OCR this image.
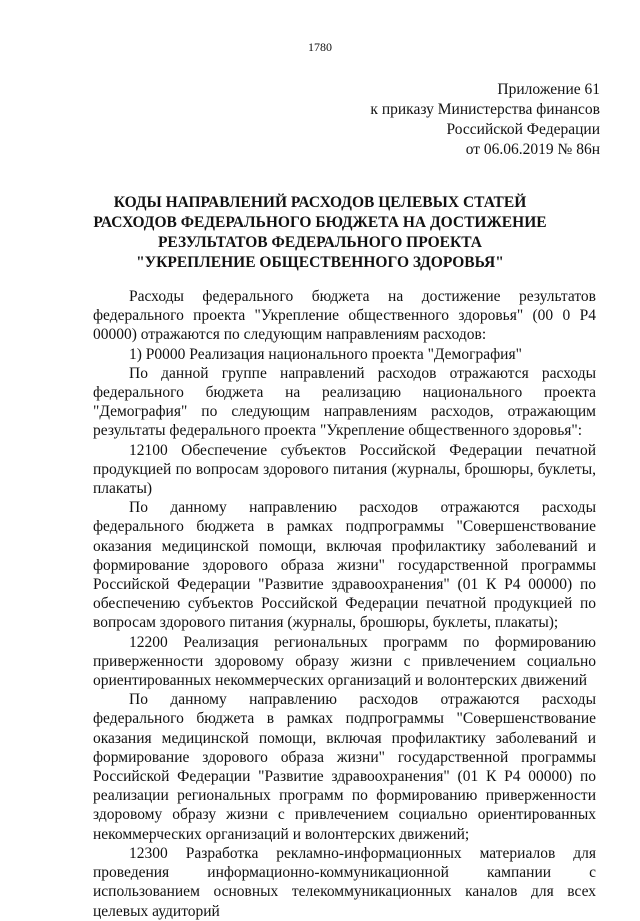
1780
Приложение 61
к приказу Министерства финансов
Российской Федерации
от 06.06.2019 № 86н
КОДЫ НАПРАВЛЕНИЙ РАСХОДОВ ЦЕЛЕВЫХ СТАТЕЙ
РАСХОДОВ ФЕДЕРАЛЬНОГО БЮДЖЕТА НА ДОСТИЖЕНИЕ
РЕЗУЛЬТАТОВ ФЕДЕРАЛЬНОГО ПРОЕКТА
"УКРЕПЛЕНИЕ ОБЩЕСТВЕННОГО ЗДОРОВЬЯ"

Расходы федерального бюджета на достижение результатов федерального проекта "Укрепление общественного здоровья" (00 0 Р4 00000) отражаются по следующим направлениям расходов:

1) Р0000 Реализация национального проекта "Демография"

По данной группе направлений расходов отражаются расходы федерального бюджета на реализацию национального проекта "Демография" по следующим направлениям расходов, отражающим результаты федерального проекта "Укрепление общественного здоровья":

12100 Обеспечение субъектов Российской Федерации печатной продукцией по вопросам здорового питания (журналы, брошюры, буклеты, плакаты)

По данному направлению расходов отражаются расходы федерального бюджета в рамках подпрограммы "Совершенствование оказания медицинской помощи, включая профилактику заболеваний и формирование здорового образа жизни" государственной программы Российской Федерации "Развитие здравоохранения" (01 К Р4 00000) по обеспечению субъектов Российской Федерации печатной продукцией по вопросам здорового питания (журналы, брошюры, буклеты, плакаты);

12200 Реализация региональных программ по формированию приверженности здоровому образу жизни с привлечением социально ориентированных некоммерческих организаций и волонтерских движений

По данному направлению расходов отражаются расходы федерального бюджета в рамках подпрограммы "Совершенствование оказания медицинской помощи, включая профилактику заболеваний и формирование здорового образа жизни" государственной программы Российской Федерации "Развитие здравоохранения" (01 К Р4 00000) по реализации региональных программ по формированию приверженности здоровому образу жизни с привлечением социально ориентированных некоммерческих организаций и волонтерских движений;

12300 Разработка рекламно-информационных материалов для проведения информационно-коммуникационной кампании с использованием основных телекоммуникационных каналов для всех целевых аудиторий
